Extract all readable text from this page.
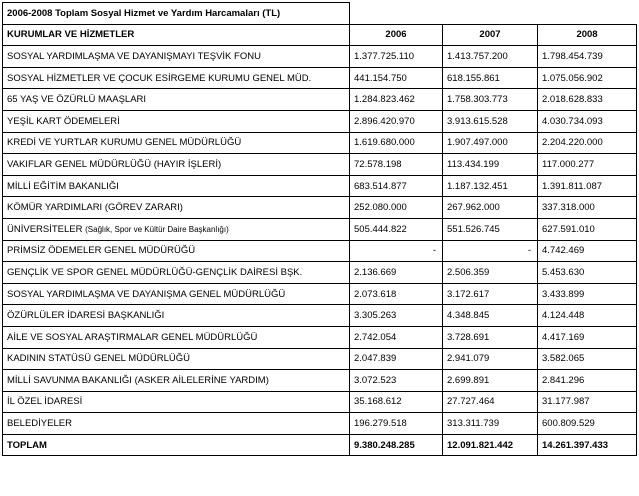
2006-2008 Toplam Sosyal Hizmet ve Yardım Harcamaları (TL)			
KURUMLAR VE HİZMETLER	2006	2007	2008
SOSYAL YARDIMLAŞMA VE DAYANIŞMAYI TEŞVİK FONU	1.377.725.110	1.413.757.200	1.798.454.739
SOSYAL HİZMETLER VE ÇOCUK ESİRGEME KURUMU GENEL MÜD.	441.154.750	618.155.861	1.075.056.902
65 YAŞ VE ÖZÜRLÜ MAAŞLARI	1.284.823.462	1.758.303.773	2.018.628.833
YEŞİL KART ÖDEMELERİ	2.896.420.970	3.913.615.528	4.030.734.093
KREDİ VE YURTLAR KURUMU GENEL MÜDÜRLÜĞÜ	1.619.680.000	1.907.497.000	2.204.220.000
VAKIFLAR GENEL MÜDÜRLÜĞÜ (HAYIR İŞLERİ)	72.578.198	113.434.199	117.000.277
MİLLİ EĞİTİM BAKANLIĞI	683.514.877	1.187.132.451	1.391.811.087
KÖMÜR YARDIMLARI (GÖREV ZARARI)	252.080.000	267.962.000	337.318.000
ÜNİVERSİTELER (Sağlık, Spor ve Kültür Daire Başkanlığı)	505.444.822	551.526.745	627.591.010
PRİMSİZ ÖDEMELER GENEL MÜDÜRÜĞÜ	-	-	4.742.469
GENÇLİK VE SPOR GENEL MÜDÜRLÜĞÜ-GENÇLİK DAİRESİ BŞK.	2.136.669	2.506.359	5.453.630
SOSYAL YARDIMLAŞMA VE DAYANIŞMA GENEL MÜDÜRLÜĞÜ	2.073.618	3.172.617	3.433.899
ÖZÜRLÜLER İDARESİ BAŞKANLIĞI	3.305.263	4.348.845	4.124.448
AİLE VE SOSYAL ARAŞTIRMALAR GENEL MÜDÜRLÜĞÜ	2.742.054	3.728.691	4.417.169
KADININ STATÜSÜ GENEL MÜDÜRLÜĞÜ	2.047.839	2.941.079	3.582.065
MİLLİ SAVUNMA BAKANLIĞI (ASKER AİLELERİNE YARDIM)	3.072.523	2.699.891	2.841.296
İL ÖZEL İDARESİ	35.168.612	27.727.464	31.177.987
BELEDİYELER	196.279.518	313.311.739	600.809.529
TOPLAM	9.380.248.285	12.091.821.442	14.261.397.433
